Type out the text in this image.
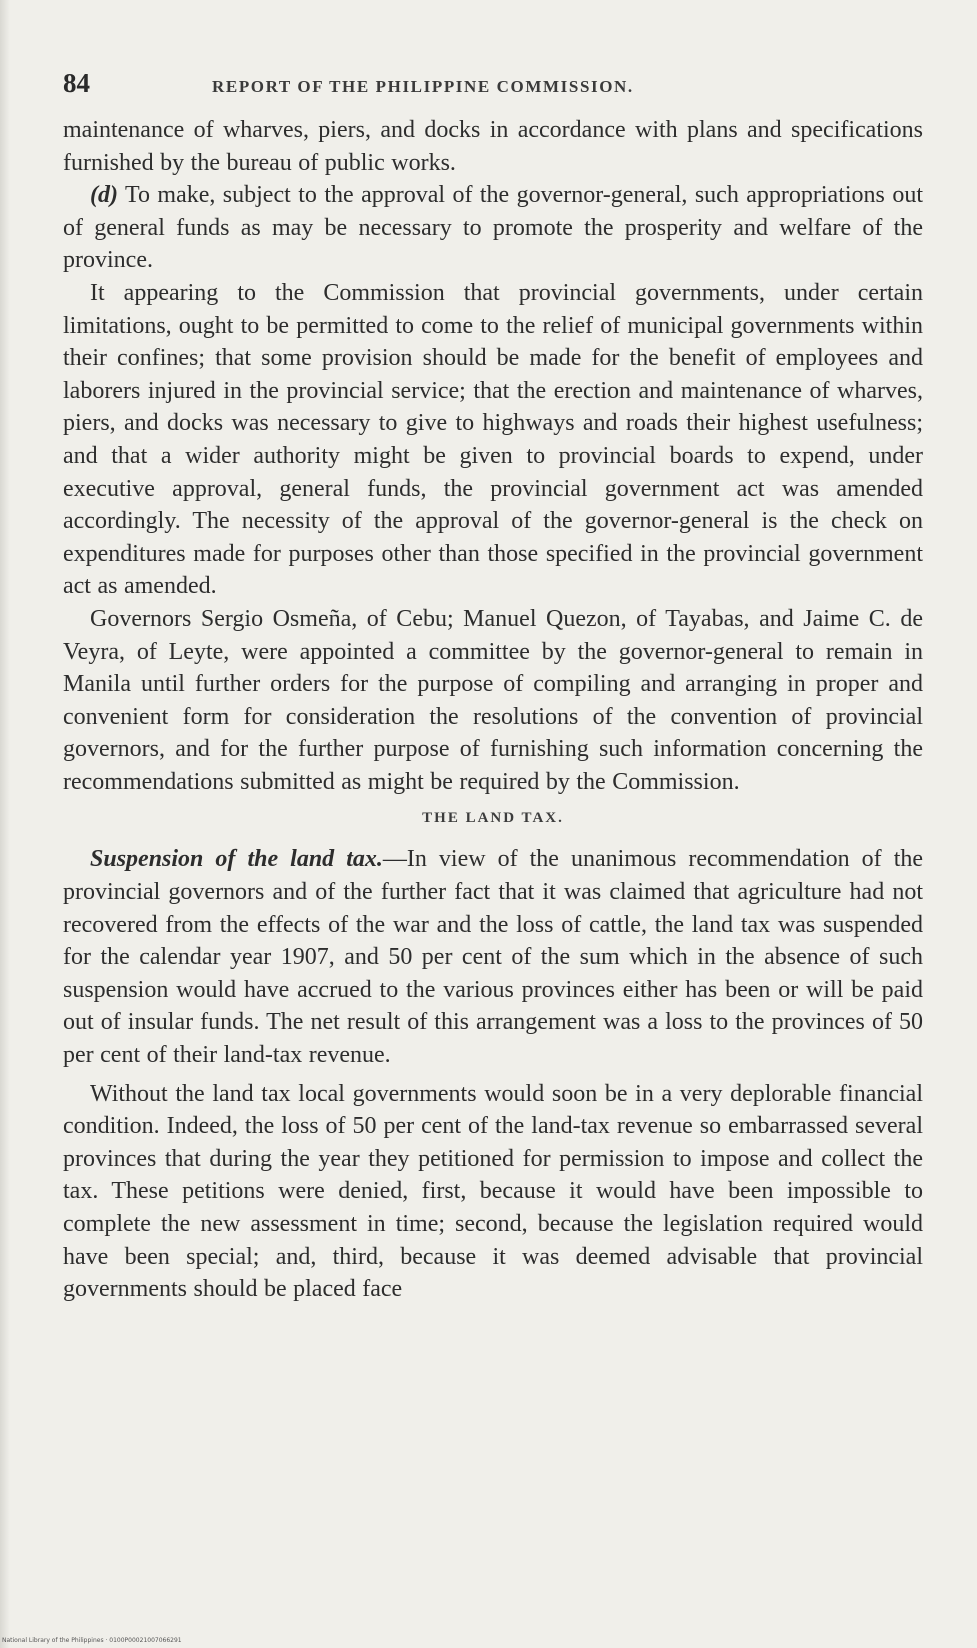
84	REPORT OF THE PHILIPPINE COMMISSION.

maintenance of wharves, piers, and docks in accordance with plans and specifications furnished by the bureau of public works.

(d) To make, subject to the approval of the governor-general, such appropriations out of general funds as may be necessary to promote the prosperity and welfare of the province.

It appearing to the Commission that provincial governments, under certain limitations, ought to be permitted to come to the relief of municipal governments within their confines; that some provision should be made for the benefit of employees and laborers injured in the provincial service; that the erection and maintenance of wharves, piers, and docks was necessary to give to highways and roads their highest usefulness; and that a wider authority might be given to provincial boards to expend, under executive approval, general funds, the provincial government act was amended accordingly. The necessity of the approval of the governor-general is the check on expenditures made for purposes other than those specified in the provincial government act as amended.

Governors Sergio Osmeña, of Cebu; Manuel Quezon, of Tayabas, and Jaime C. de Veyra, of Leyte, were appointed a committee by the governor-general to remain in Manila until further orders for the purpose of compiling and arranging in proper and convenient form for consideration the resolutions of the convention of provincial governors, and for the further purpose of furnishing such information concerning the recommendations submitted as might be required by the Commission.

THE LAND TAX.

Suspension of the land tax.—In view of the unanimous recommendation of the provincial governors and of the further fact that it was claimed that agriculture had not recovered from the effects of the war and the loss of cattle, the land tax was suspended for the calendar year 1907, and 50 per cent of the sum which in the absence of such suspension would have accrued to the various provinces either has been or will be paid out of insular funds. The net result of this arrangement was a loss to the provinces of 50 per cent of their land-tax revenue.

Without the land tax local governments would soon be in a very deplorable financial condition. Indeed, the loss of 50 per cent of the land-tax revenue so embarrassed several provinces that during the year they petitioned for permission to impose and collect the tax. These petitions were denied, first, because it would have been impossible to complete the new assessment in time; second, because the legislation required would have been special; and, third, because it was deemed advisable that provincial governments should be placed face

National Library of the Philippines · 0100P00021007066291
